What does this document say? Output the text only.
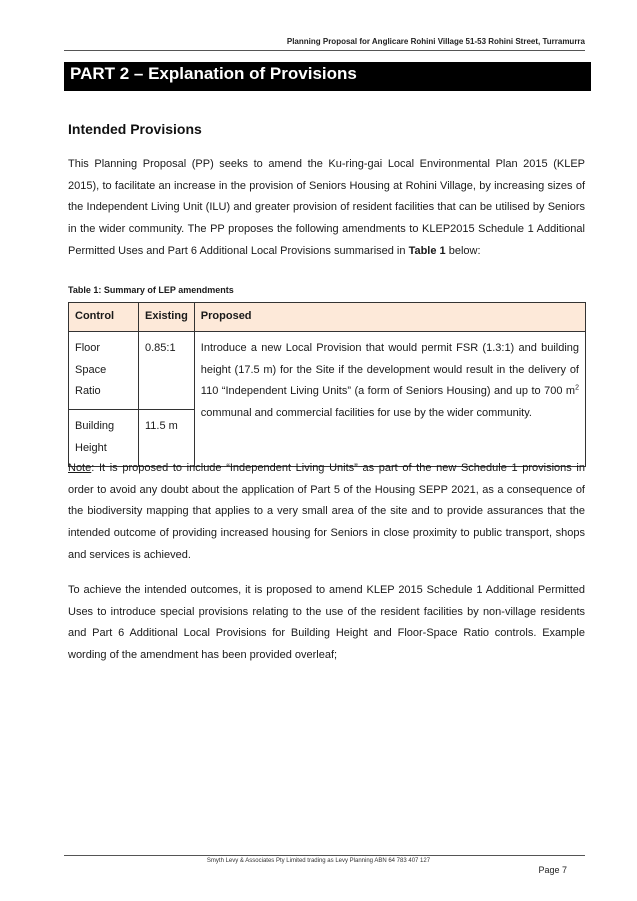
Planning Proposal for Anglicare Rohini Village 51-53 Rohini Street, Turramurra
PART 2 – Explanation of Provisions
Intended Provisions

This Planning Proposal (PP) seeks to amend the Ku-ring-gai Local Environmental Plan 2015 (KLEP 2015), to facilitate an increase in the provision of Seniors Housing at Rohini Village, by increasing sizes of the Independent Living Unit (ILU) and greater provision of resident facilities that can be utilised by Seniors in the wider community. The PP proposes the following amendments to KLEP2015 Schedule 1 Additional Permitted Uses and Part 6 Additional Local Provisions summarised in Table 1 below:

Table 1: Summary of LEP amendments
Control	Existing	Proposed
Floor Space Ratio	0.85:1	Introduce a new Local Provision that would permit FSR (1.3:1) and building height (17.5 m) for the Site if the development would result in the delivery of 110 “Independent Living Units” (a form of Seniors Housing) and up to 700 $m^2$ communal and commercial facilities for use by the wider community.
Building Height	11.5 m	

Note: It is proposed to include “Independent Living Units” as part of the new Schedule 1 provisions in order to avoid any doubt about the application of Part 5 of the Housing SEPP 2021, as a consequence of the biodiversity mapping that applies to a very small area of the site and to provide assurances that the intended outcome of providing increased housing for Seniors in close proximity to public transport, shops and services is achieved.

To achieve the intended outcomes, it is proposed to amend KLEP 2015 Schedule 1 Additional Permitted Uses to introduce special provisions relating to the use of the resident facilities by non-village residents and Part 6 Additional Local Provisions for Building Height and Floor-Space Ratio controls. Example wording of the amendment has been provided overleaf;

Smyth Levy & Associates Pty Limited trading as Levy Planning ABN 64 783 407 127
Page 7
